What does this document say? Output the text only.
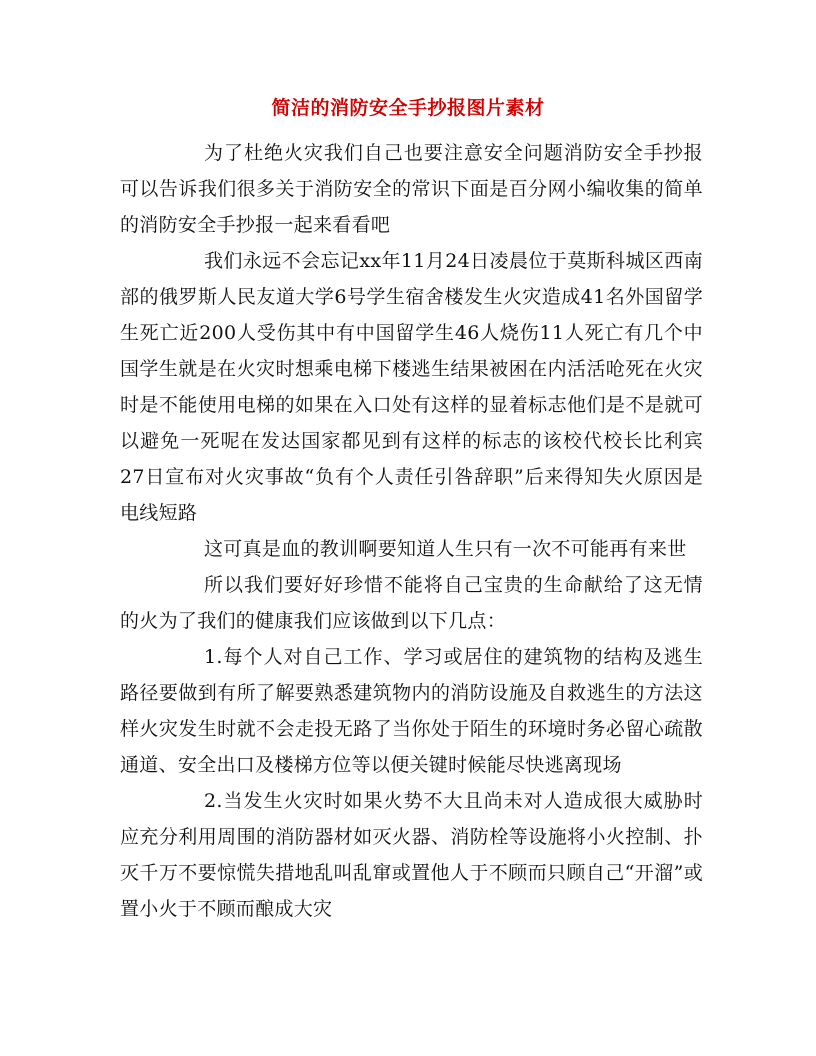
简洁的消防安全手抄报图片素材

为了杜绝火灾我们自己也要注意安全问题消防安全手抄报可以告诉我们很多关于消防安全的常识下面是百分网小编收集的简单的消防安全手抄报一起来看看吧

我们永远不会忘记xx年11月24日凌晨位于莫斯科城区西南部的俄罗斯人民友道大学6号学生宿舍楼发生火灾造成41名外国留学生死亡近200人受伤其中有中国留学生46人烧伤11人死亡有几个中国学生就是在火灾时想乘电梯下楼逃生结果被困在内活活呛死在火灾时是不能使用电梯的如果在入口处有这样的显着标志他们是不是就可以避免一死呢在发达国家都见到有这样的标志的该校代校长比利宾27日宣布对火灾事故“负有个人责任引咎辞职”后来得知失火原因是电线短路

这可真是血的教训啊要知道人生只有一次不可能再有来世

所以我们要好好珍惜不能将自己宝贵的生命献给了这无情的火为了我们的健康我们应该做到以下几点：

1.每个人对自己工作、学习或居住的建筑物的结构及逃生路径要做到有所了解要熟悉建筑物内的消防设施及自救逃生的方法这样火灾发生时就不会走投无路了当你处于陌生的环境时务必留心疏散通道、安全出口及楼梯方位等以便关键时候能尽快逃离现场

2.当发生火灾时如果火势不大且尚未对人造成很大威胁时应充分利用周围的消防器材如灭火器、消防栓等设施将小火控制、扑灭千万不要惊慌失措地乱叫乱窜或置他人于不顾而只顾自己“开溜”或置小火于不顾而酿成大灾
